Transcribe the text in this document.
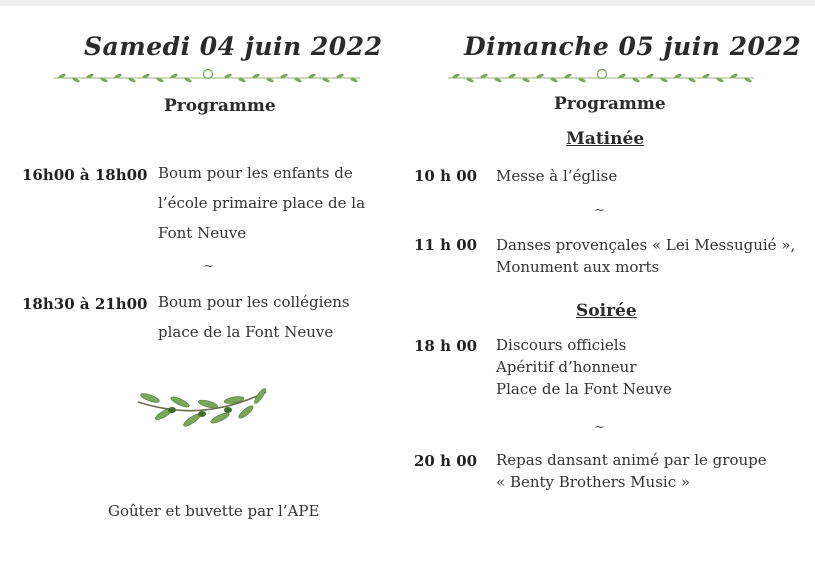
Samedi 04 juin 2022
Programme
16h00 à 18h00 Boum pour les enfants de
l’école primaire place de la
Font Neuve
~
18h30 à 21h00 Boum pour les collégiens
place de la Font Neuve
Goûter et buvette par l’APE
Dimanche 05 juin 2022
Programme
Matinée
10 h 00 Messe à l’église
~
11 h 00 Danses provençales « Lei Messuguié »,
Monument aux morts
Soirée
18 h 00 Discours officiels
Apéritif d’honneur
Place de la Font Neuve
~
20 h 00 Repas dansant animé par le groupe
« Benty Brothers Music »
